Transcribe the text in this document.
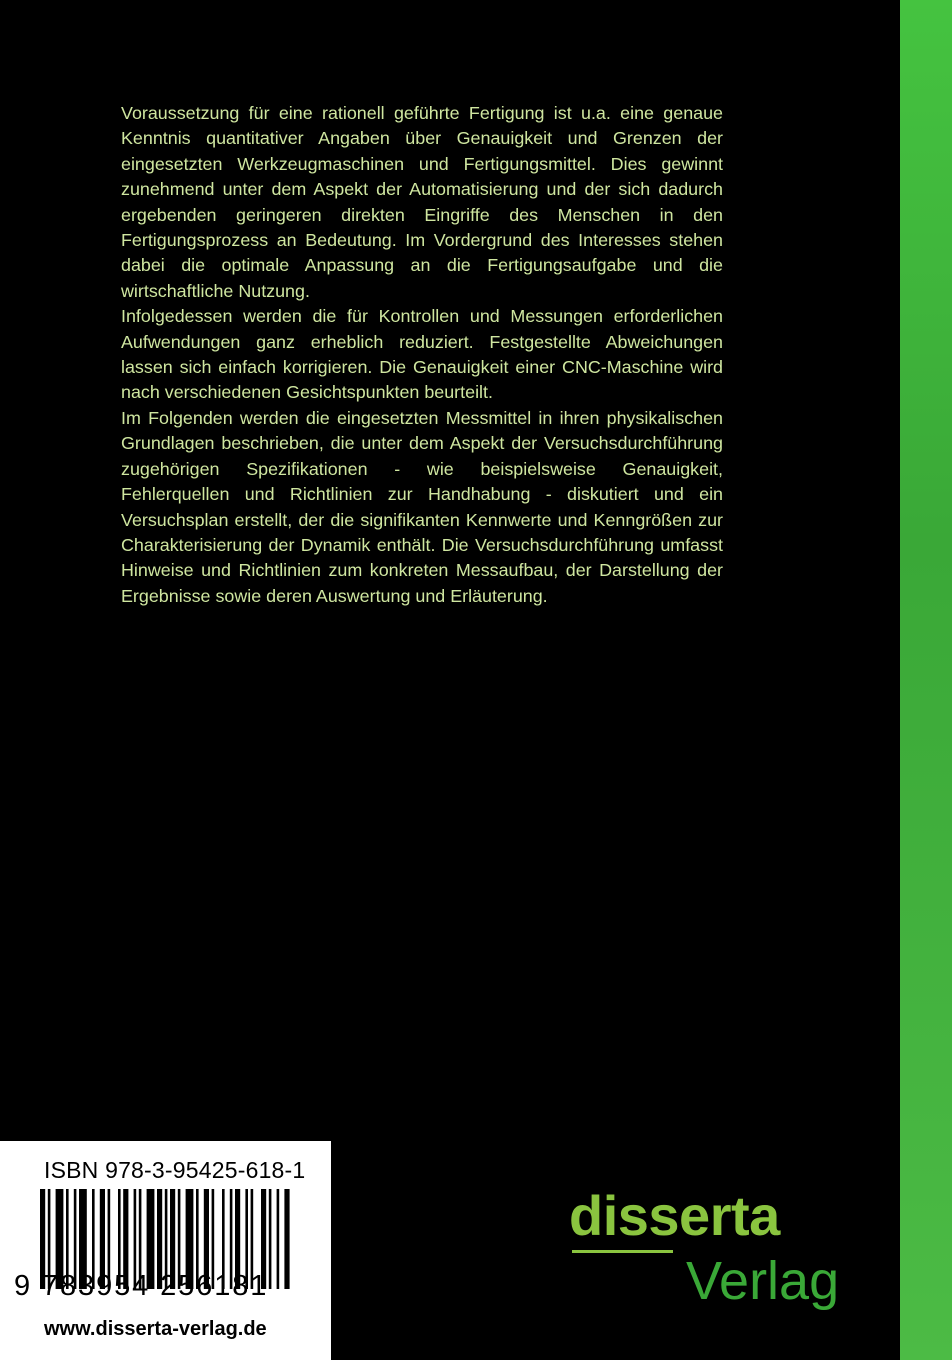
Voraussetzung für eine rationell geführte Fertigung ist u.a. eine genaue Kenntnis quantitativer Angaben über Genauigkeit und Grenzen der eingesetzten Werkzeugmaschinen und Fertigungsmittel. Dies gewinnt zunehmend unter dem Aspekt der Automatisierung und der sich dadurch ergebenden geringeren direkten Eingriffe des Menschen in den Fertigungsprozess an Bedeutung. Im Vordergrund des Interesses stehen dabei die optimale Anpassung an die Fertigungsaufgabe und die wirtschaftliche Nutzung.

Infolgedessen werden die für Kontrollen und Messungen erforderlichen Aufwendungen ganz erheblich reduziert. Festgestellte Abweichungen lassen sich einfach korrigieren. Die Genauigkeit einer CNC-Maschine wird nach verschiedenen Gesichtspunkten beurteilt.

Im Folgenden werden die eingesetzten Messmittel in ihren physikalischen Grundlagen beschrieben, die unter dem Aspekt der Versuchsdurchführung zugehörigen Spezifikationen - wie beispielsweise Genauigkeit, Fehlerquellen und Richtlinien zur Handhabung - diskutiert und ein Versuchsplan erstellt, der die signifikanten Kennwerte und Kenngrößen zur Charakterisierung der Dynamik enthält. Die Versuchsdurchführung umfasst Hinweise und Richtlinien zum konkreten Messaufbau, der Darstellung der Ergebnisse sowie deren Auswertung und Erläuterung.

ISBN 978-3-95425-618-1
9 783954 256181
www.disserta-verlag.de
disserta
Verlag
